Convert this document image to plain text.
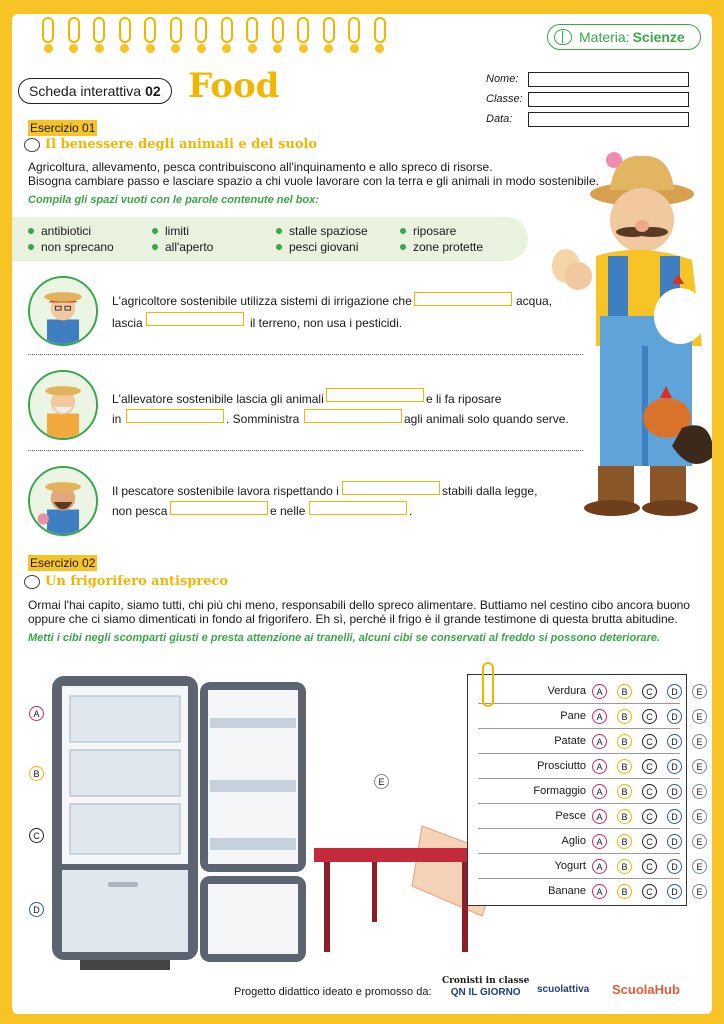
Materia: Scienze
Scheda interattiva 02 Food	Nome:
Classe:
Data:
Esercizio 01
Il benessere degli animali e del suolo
Agricoltura, allevamento, pesca contribuiscono all'inquinamento e allo spreco di risorse.
Bisogna cambiare passo e lasciare spazio a chi vuole lavorare con la terra e gli animali in modo sostenibile.
Compila gli spazi vuoti con le parole contenute nel box:
antibiotici	limiti	stalle spaziose	riposare
non sprecano	all'aperto	pesci giovani	zone protette
L'agricoltore sostenibile utilizza sistemi di irrigazione che	acqua,
lascia	il terreno, non usa i pesticidi.
L'allevatore sostenibile lascia gli animali	e li fa riposare
in	. Somministra	agli animali solo quando serve.
Il pescatore sostenibile lavora rispettando i	stabili dalla legge,
non pesca	e nelle	.
Esercizio 02
Un frigorifero antispreco
Ormai l'hai capito, siamo tutti, chi più chi meno, responsabili dello spreco alimentare. Buttiamo nel cestino cibo ancora buono
oppure che ci siamo dimenticati in fondo al frigorifero. Eh sì, perché il frigo è il grande testimone di questa brutta abitudine.
Metti i cibi negli scomparti giusti e presta attenzione ai tranelli, alcuni cibi se conservati al freddo si possono deteriorare.
A
B
C
D
E
Verdura	A	B	C	D	E
Pane	A	B	C	D	E
Patate	A	B	C	D	E
Prosciutto	A	B	C	D	E
Formaggio	A	B	C	D	E
Pesce	A	B	C	D	E
Aglio	A	B	C	D	E
Yogurt	A	B	C	D	E
Banane	A	B	C	D	E
Progetto didattico ideato e promosso da:
Cronisti in classe
QN IL GIORNO	scuolattiva ScuolaHub
